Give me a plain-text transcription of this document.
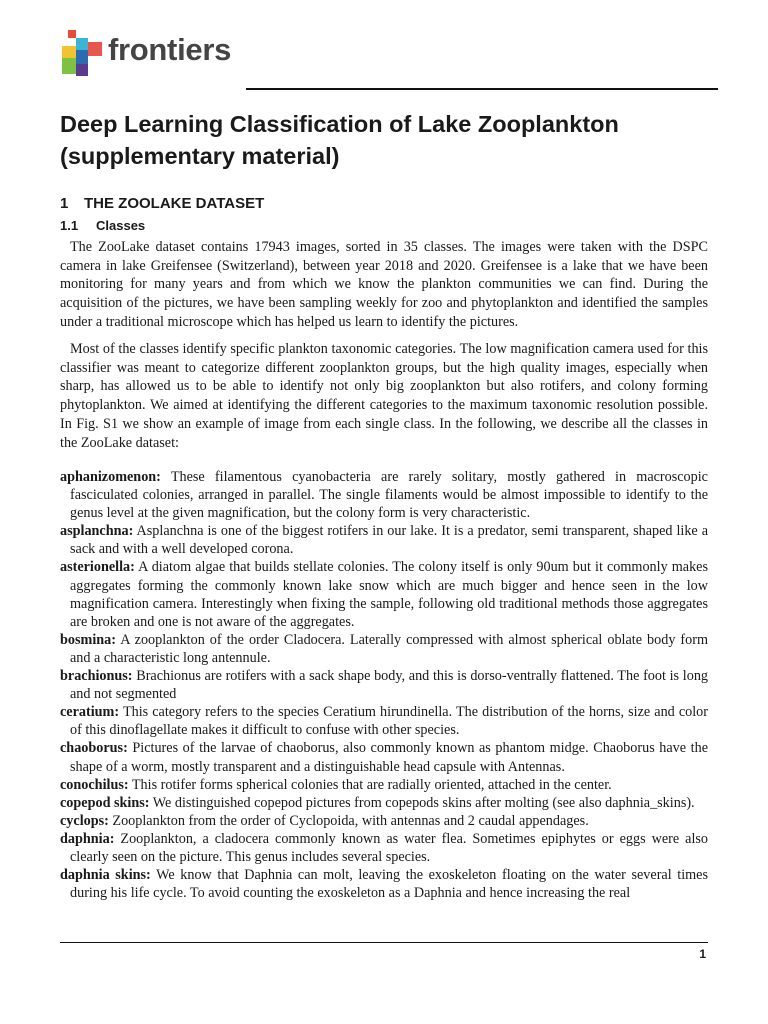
frontiers
Deep Learning Classification of Lake Zooplankton (supplementary material)
1 THE ZOOLAKE DATASET
1.1 Classes

The ZooLake dataset contains 17943 images, sorted in 35 classes. The images were taken with the DSPC camera in lake Greifensee (Switzerland), between year 2018 and 2020. Greifensee is a lake that we have been monitoring for many years and from which we know the plankton communities we can find. During the acquisition of the pictures, we have been sampling weekly for zoo and phytoplankton and identified the samples under a traditional microscope which has helped us learn to identify the pictures.

Most of the classes identify specific plankton taxonomic categories. The low magnification camera used for this classifier was meant to categorize different zooplankton groups, but the high quality images, especially when sharp, has allowed us to be able to identify not only big zooplankton but also rotifers, and colony forming phytoplankton. We aimed at identifying the different categories to the maximum taxonomic resolution possible. In Fig. S1 we show an example of image from each single class. In the following, we describe all the classes in the ZooLake dataset:

aphanizomenon: These filamentous cyanobacteria are rarely solitary, mostly gathered in macroscopic fasciculated colonies, arranged in parallel. The single filaments would be almost impossible to identify to the genus level at the given magnification, but the colony form is very characteristic.

asplanchna: Asplanchna is one of the biggest rotifers in our lake. It is a predator, semi transparent, shaped like a sack and with a well developed corona.

asterionella: A diatom algae that builds stellate colonies. The colony itself is only 90um but it commonly makes aggregates forming the commonly known lake snow which are much bigger and hence seen in the low magnification camera. Interestingly when fixing the sample, following old traditional methods those aggregates are broken and one is not aware of the aggregates.

bosmina: A zooplankton of the order Cladocera. Laterally compressed with almost spherical oblate body form and a characteristic long antennule.

brachionus: Brachionus are rotifers with a sack shape body, and this is dorso-ventrally flattened. The foot is long and not segmented

ceratium: This category refers to the species Ceratium hirundinella. The distribution of the horns, size and color of this dinoflagellate makes it difficult to confuse with other species.

chaoborus: Pictures of the larvae of chaoborus, also commonly known as phantom midge. Chaoborus have the shape of a worm, mostly transparent and a distinguishable head capsule with Antennas.

conochilus: This rotifer forms spherical colonies that are radially oriented, attached in the center.

copepod skins: We distinguished copepod pictures from copepods skins after molting (see also daphnia_skins).

cyclops: Zooplankton from the order of Cyclopoida, with antennas and 2 caudal appendages.

daphnia: Zooplankton, a cladocera commonly known as water flea. Sometimes epiphytes or eggs were also clearly seen on the picture. This genus includes several species.

daphnia skins: We know that Daphnia can molt, leaving the exoskeleton floating on the water several times during his life cycle. To avoid counting the exoskeleton as a Daphnia and hence increasing the real

1
